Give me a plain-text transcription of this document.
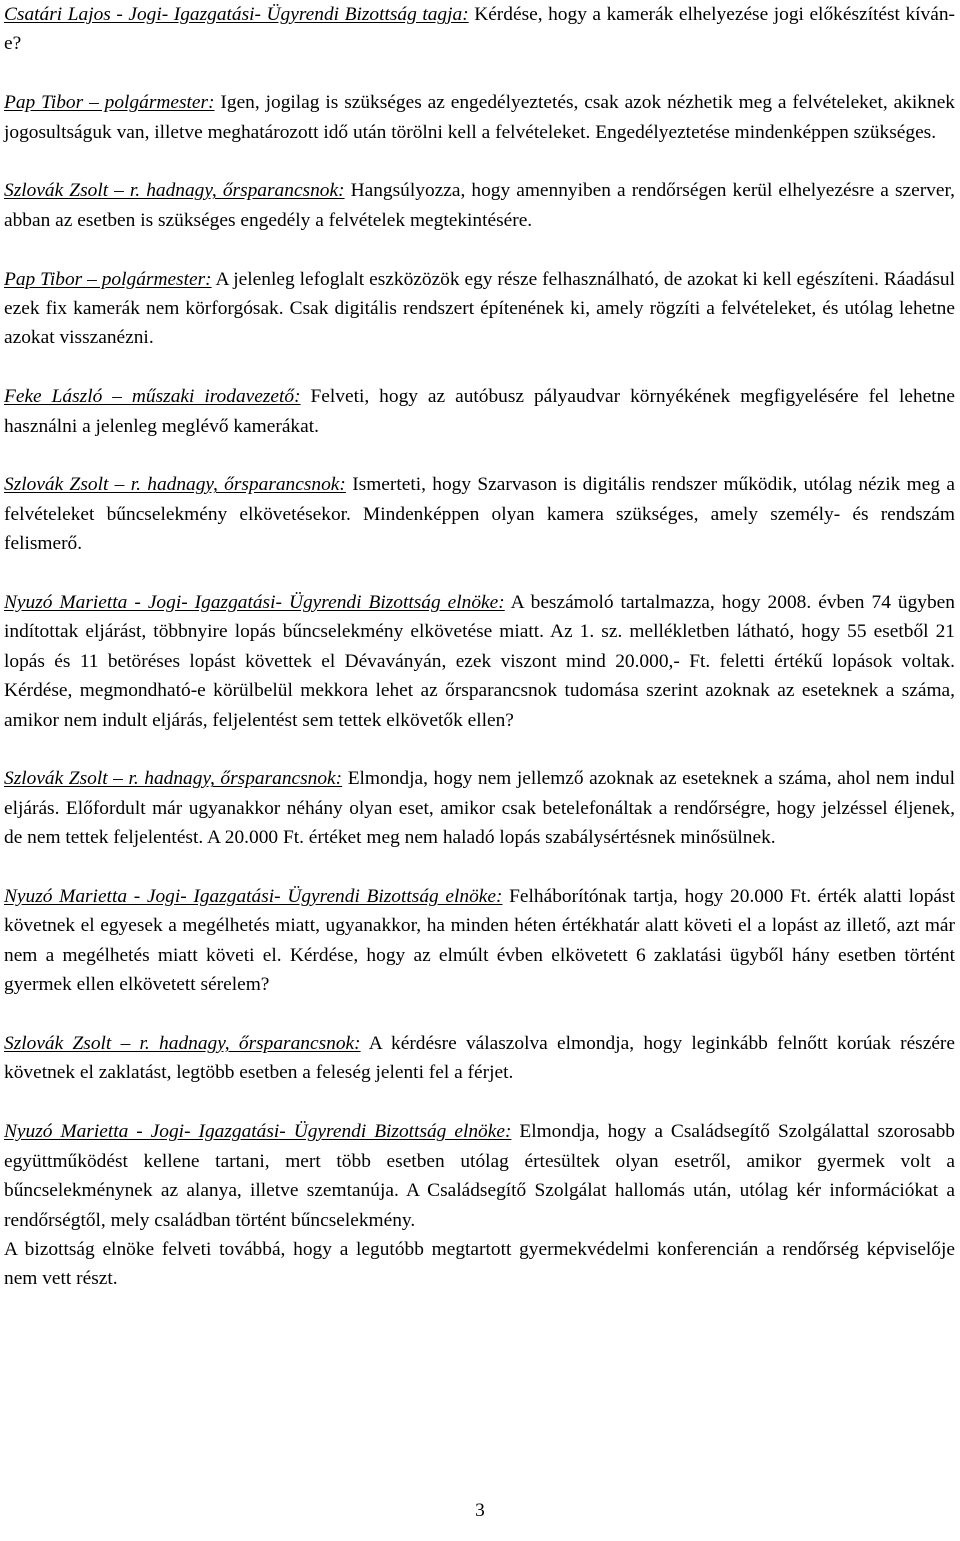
Csatári Lajos - Jogi- Igazgatási- Ügyrendi Bizottság tagja: Kérdése, hogy a kamerák elhelyezése jogi előkészítést kíván-e?

Pap Tibor – polgármester: Igen, jogilag is szükséges az engedélyeztetés, csak azok nézhetik meg a felvételeket, akiknek jogosultságuk van, illetve meghatározott idő után törölni kell a felvételeket. Engedélyeztetése mindenképpen szükséges.

Szlovák Zsolt – r. hadnagy, őrsparancsnok: Hangsúlyozza, hogy amennyiben a rendőrségen kerül elhelyezésre a szerver, abban az esetben is szükséges engedély a felvételek megtekintésére.

Pap Tibor – polgármester: A jelenleg lefoglalt eszközözök egy része felhasználható, de azokat ki kell egészíteni. Ráadásul ezek fix kamerák nem körforgósak. Csak digitális rendszert építenének ki, amely rögzíti a felvételeket, és utólag lehetne azokat visszanézni.

Feke László – műszaki irodavezető: Felveti, hogy az autóbusz pályaudvar környékének megfigyelésére fel lehetne használni a jelenleg meglévő kamerákat.

Szlovák Zsolt – r. hadnagy, őrsparancsnok: Ismerteti, hogy Szarvason is digitális rendszer működik, utólag nézik meg a felvételeket bűncselekmény elkövetésekor. Mindenképpen olyan kamera szükséges, amely személy- és rendszám felismerő.

Nyuzó Marietta - Jogi- Igazgatási- Ügyrendi Bizottság elnöke: A beszámoló tartalmazza, hogy 2008. évben 74 ügyben indítottak eljárást, többnyire lopás bűncselekmény elkövetése miatt. Az 1. sz. mellékletben látható, hogy 55 esetből 21 lopás és 11 betöréses lopást követtek el Dévaványán, ezek viszont mind 20.000,- Ft. feletti értékű lopások voltak. Kérdése, megmondható-e körülbelül mekkora lehet az őrsparancsnok tudomása szerint azoknak az eseteknek a száma, amikor nem indult eljárás, feljelentést sem tettek elkövetők ellen?

Szlovák Zsolt – r. hadnagy, őrsparancsnok: Elmondja, hogy nem jellemző azoknak az eseteknek a száma, ahol nem indul eljárás. Előfordult már ugyanakkor néhány olyan eset, amikor csak betelefonáltak a rendőrségre, hogy jelzéssel éljenek, de nem tettek feljelentést. A 20.000 Ft. értéket meg nem haladó lopás szabálysértésnek minősülnek.

Nyuzó Marietta - Jogi- Igazgatási- Ügyrendi Bizottság elnöke: Felháborítónak tartja, hogy 20.000 Ft. érték alatti lopást követnek el egyesek a megélhetés miatt, ugyanakkor, ha minden héten értékhatár alatt követi el a lopást az illető, azt már nem a megélhetés miatt követi el. Kérdése, hogy az elmúlt évben elkövetett 6 zaklatási ügyből hány esetben történt gyermek ellen elkövetett sérelem?

Szlovák Zsolt – r. hadnagy, őrsparancsnok: A kérdésre válaszolva elmondja, hogy leginkább felnőtt korúak részére követnek el zaklatást, legtöbb esetben a feleség jelenti fel a férjet.

Nyuzó Marietta - Jogi- Igazgatási- Ügyrendi Bizottság elnöke: Elmondja, hogy a Családsegítő Szolgálattal szorosabb együttműködést kellene tartani, mert több esetben utólag értesültek olyan esetről, amikor gyermek volt a bűncselekménynek az alanya, illetve szemtanúja. A Családsegítő Szolgálat hallomás után, utólag kér információkat a rendőrségtől, mely családban történt bűncselekmény.

A bizottság elnöke felveti továbbá, hogy a legutóbb megtartott gyermekvédelmi konferencián a rendőrség képviselője nem vett részt.

3
